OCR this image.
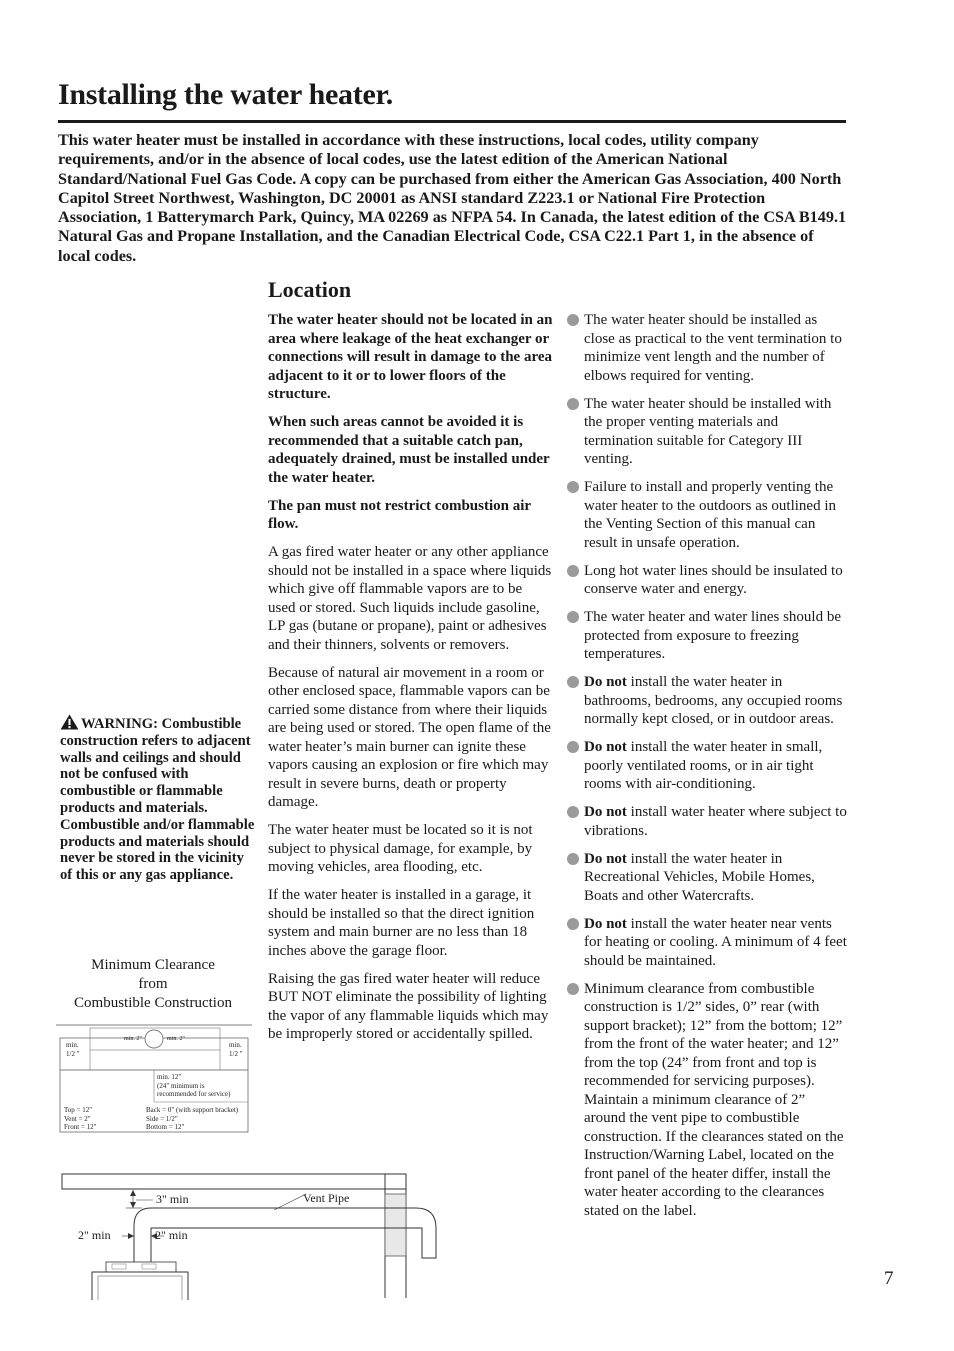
Installing the water heater.

This water heater must be installed in accordance with these instructions, local codes, utility company requirements, and/or in the absence of local codes, use the latest edition of the American National Standard/National Fuel Gas Code. A copy can be purchased from either the American Gas Association, 400 North Capitol Street Northwest, Washington, DC 20001 as ANSI standard Z223.1 or National Fire Protection Association, 1 Batterymarch Park, Quincy, MA 02269 as NFPA 54. In Canada, the latest edition of the CSA B149.1 Natural Gas and Propane Installation, and the Canadian Electrical Code, CSA C22.1 Part 1, in the absence of local codes.

Location

The water heater should not be located in an area where leakage of the heat exchanger or connections will result in damage to the area adjacent to it or to lower floors of the structure.

When such areas cannot be avoided it is recommended that a suitable catch pan, adequately drained, must be installed under the water heater.

The pan must not restrict combustion air flow.

A gas fired water heater or any other appliance should not be installed in a space where liquids which give off flammable vapors are to be used or stored. Such liquids include gasoline, LP gas (butane or propane), paint or adhesives and their thinners, solvents or removers.

Because of natural air movement in a room or other enclosed space, flammable vapors can be carried some distance from where their liquids are being used or stored. The open flame of the water heater’s main burner can ignite these vapors causing an explosion or fire which may result in severe burns, death or property damage.

The water heater must be located so it is not subject to physical damage, for example, by moving vehicles, area flooding, etc.

If the water heater is installed in a garage, it should be installed so that the direct ignition system and main burner are no less than 18 inches above the garage floor.

Raising the gas fired water heater will reduce BUT NOT eliminate the possibility of lighting the vapor of any flammable liquids which may be improperly stored or accidentally spilled.

The water heater should be installed as close as practical to the vent termination to minimize vent length and the number of elbows required for venting.
The water heater should be installed with the proper venting materials and termination suitable for Category III venting.
Failure to install and properly venting the water heater to the outdoors as outlined in the Venting Section of this manual can result in unsafe operation.
Long hot water lines should be insulated to conserve water and energy.
The water heater and water lines should be protected from exposure to freezing temperatures.
Do not install the water heater in bathrooms, bedrooms, any occupied rooms normally kept closed, or in outdoor areas.
Do not install the water heater in small, poorly ventilated rooms, or in air tight rooms with air-conditioning.
Do not install water heater where subject to vibrations.
Do not install the water heater in Recreational Vehicles, Mobile Homes, Boats and other Watercrafts.
Do not install the water heater near vents for heating or cooling. A minimum of 4 feet should be maintained.
Minimum clearance from combustible construction is 1/2” sides, 0” rear (with support bracket); 12” from the bottom; 12” from the front of the water heater; and 12” from the top (24” from front and top is recommended for servicing purposes). Maintain a minimum clearance of 2” around the vent pipe to combustible construction. If the clearances stated on the Instruction/Warning Label, located on the front panel of the heater differ, install the water heater according to the clearances stated on the label.
WARNING: Combustible construction refers to adjacent walls and ceilings and should not be confused with combustible or flammable products and materials. Combustible and/or flammable products and materials should never be stored in the vicinity of this or any gas appliance.
Minimum Clearance
from
Combustible Construction
min.
1/2 "
min.
1/2 "
min. 2"	min. 2"
min. 12"
(24" minimum is
recommended for service)
Top = 12"
Vent = 2"
Front = 12"
Back = 0" (with support bracket)
Side = 1/2"
Bottom = 12"
3" min	Vent Pipe
2" min	2" min
7
